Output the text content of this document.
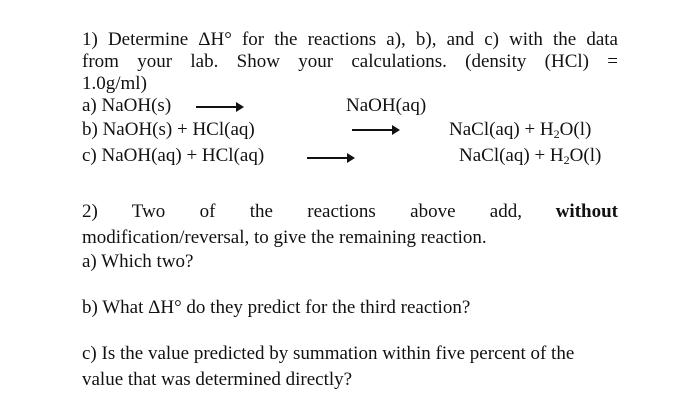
1) Determine ΔH° for the reactions a), b), and c) with the data
from your lab. Show your calculations. (density (HCl) =
1.0g/ml)
a) NaOH(s)	NaOH(aq)
b) NaOH(s) + HCl(aq)	NaCl(aq) + $H_2O(l)$
c) NaOH(aq) + HCl(aq)	NaCl(aq) + $H_2O(l)$
2) Two of the reactions above add, without
modification/reversal, to give the remaining reaction.
a) Which two?
b) What ΔH° do they predict for the third reaction?
c) Is the value predicted by summation within five percent of the
value that was determined directly?
